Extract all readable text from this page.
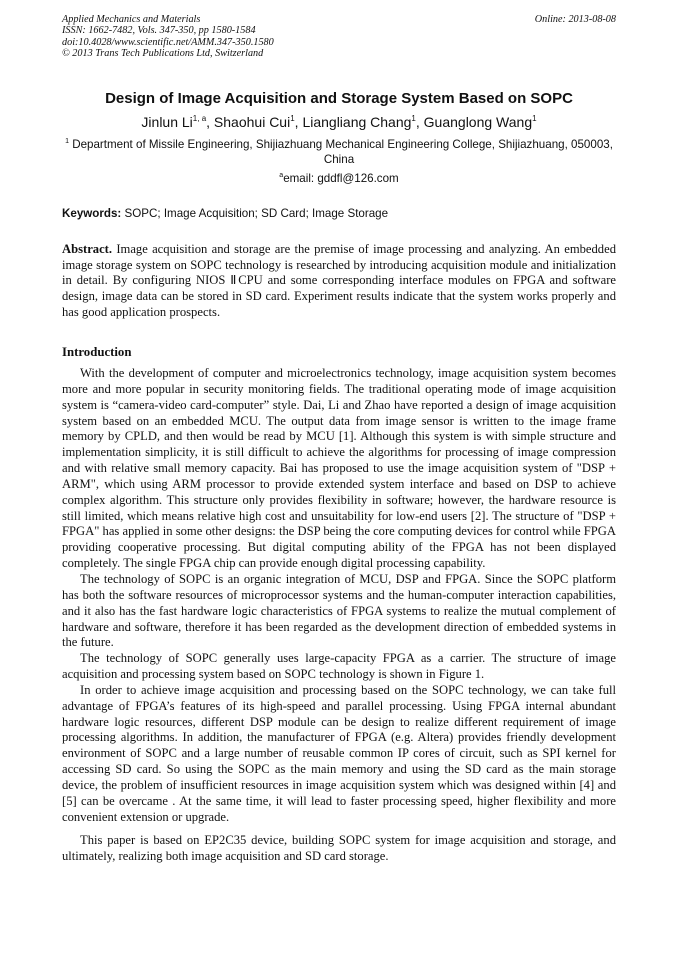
Applied Mechanics and Materials
ISSN: 1662-7482, Vols. 347-350, pp 1580-1584
doi:10.4028/www.scientific.net/AMM.347-350.1580
© 2013 Trans Tech Publications Ltd, Switzerland
Online: 2013-08-08
Design of Image Acquisition and Storage System Based on SOPC
Jinlun Li$^{1, a}$, Shaohui Cui$^1$, Liangliang Chang$^1$, Guanglong Wang$^1$
$^1$ Department of Missile Engineering, Shijiazhuang Mechanical Engineering College, Shijiazhuang, 050003, China
$^a$email: gddfl@126.com
Keywords: SOPC; Image Acquisition; SD Card; Image Storage

Abstract. Image acquisition and storage are the premise of image processing and analyzing. An embedded image storage system on SOPC technology is researched by introducing acquisition module and initialization in detail. By configuring NIOS ⅡCPU and some corresponding interface modules on FPGA and software design, image data can be stored in SD card. Experiment results indicate that the system works properly and has good application prospects.

Introduction

With the development of computer and microelectronics technology, image acquisition system becomes more and more popular in security monitoring fields. The traditional operating mode of image acquisition system is “camera-video card-computer” style. Dai, Li and Zhao have reported a design of image acquisition system based on an embedded MCU. The output data from image sensor is written to the image frame memory by CPLD, and then would be read by MCU [1]. Although this system is with simple structure and implementation simplicity, it is still difficult to achieve the algorithms for processing of image compression and with relative small memory capacity. Bai has proposed to use the image acquisition system of "DSP + ARM", which using ARM processor to provide extended system interface and based on DSP to achieve complex algorithm. This structure only provides flexibility in software; however, the hardware resource is still limited, which means relative high cost and unsuitability for low-end users [2]. The structure of "DSP + FPGA" has applied in some other designs: the DSP being the core computing devices for control while FPGA providing cooperative processing. But digital computing ability of the FPGA has not been displayed completely. The single FPGA chip can provide enough digital processing capability.

The technology of SOPC is an organic integration of MCU, DSP and FPGA. Since the SOPC platform has both the software resources of microprocessor systems and the human-computer interaction capabilities, and it also has the fast hardware logic characteristics of FPGA systems to realize the mutual complement of hardware and software, therefore it has been regarded as the development direction of embedded systems in the future.

The technology of SOPC generally uses large-capacity FPGA as a carrier. The structure of image acquisition and processing system based on SOPC technology is shown in Figure 1.

In order to achieve image acquisition and processing based on the SOPC technology, we can take full advantage of FPGA’s features of its high-speed and parallel processing. Using FPGA internal abundant hardware logic resources, different DSP module can be design to realize different requirement of image processing algorithms. In addition, the manufacturer of FPGA (e.g. Altera) provides friendly development environment of SOPC and a large number of reusable common IP cores of circuit, such as SPI kernel for accessing SD card. So using the SOPC as the main memory and using the SD card as the main storage device, the problem of insufficient resources in image acquisition system which was designed within [4] and [5] can be overcame . At the same time, it will lead to faster processing speed, higher flexibility and more convenient extension or upgrade.

This paper is based on EP2C35 device, building SOPC system for image acquisition and storage, and ultimately, realizing both image acquisition and SD card storage.
